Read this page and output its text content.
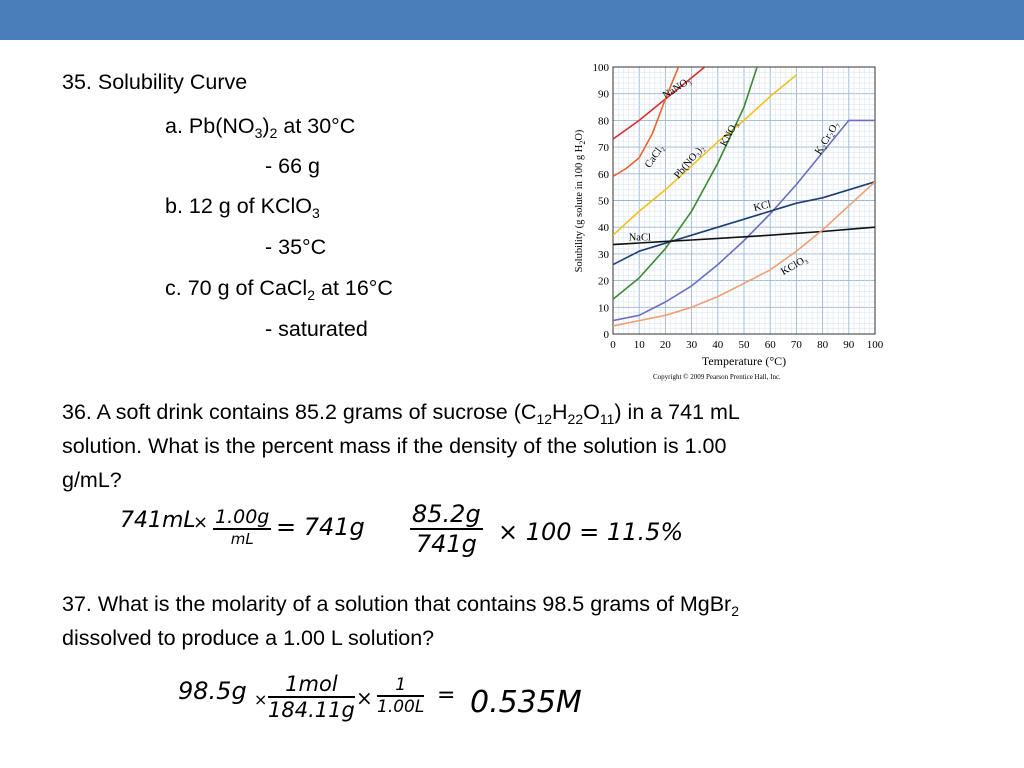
35. Solubility Curve
a. $Pb(NO_3)_2$ at 30°C
- 66 g
b. 12 g of KClO$_3$
- 35°C
c. 70 g of CaCl$_2$ at 16°C
- saturated
0 10 20 30 40 50 60 70 80 90 100
0
10
20
30
40
50
60
70
80
90
100
NaNO₃
CaCl₂ Pb(NO₃)₂
KNO₃	K₂Cr₂O₇
KCl
NaCl
KClO₃
Temperature (°C)
Solubility (g solute in 100 g $H_2O$)
Copyright © 2009 Pearson Prentice Hall, Inc.
36. A soft drink contains 85.2 grams of sucrose $(C_{12}H_{22}O_{11})$ in a 741 mL
solution. What is the percent mass if the density of the solution is 1.00
g/mL?
741mL
× 1.00g
mL = $741g \frac{85.2g}{741g} \times 100 = 11.5\%$
37. What is the molarity of a solution that contains 98.5 grams of MgBr$_2$
dissolved to produce a 1.00 L solution?
98.5g ×
1mol
$184.11g \times \frac{1}{1.00L} = 0.535M$
